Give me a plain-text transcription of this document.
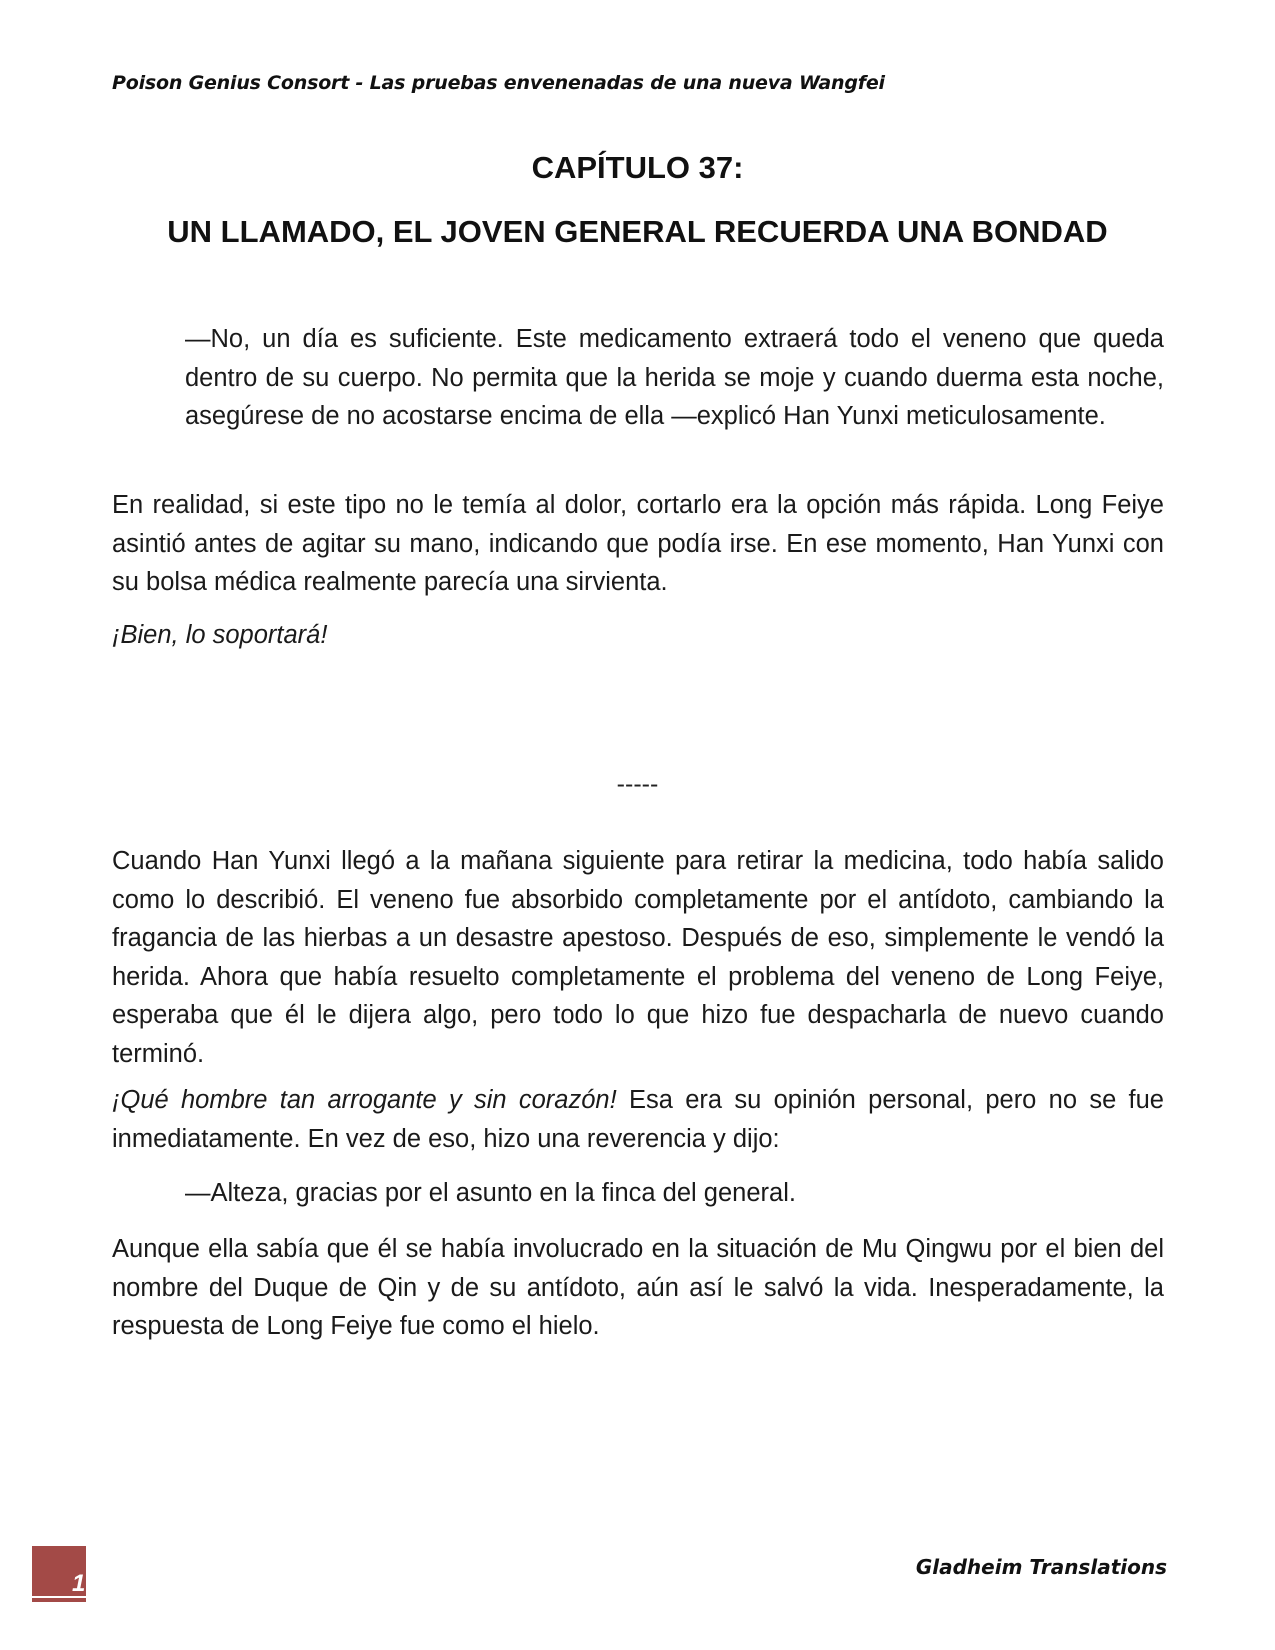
Poison Genius Consort - Las pruebas envenenadas de una nueva Wangfei
CAPÍTULO 37:
UN LLAMADO, EL JOVEN GENERAL RECUERDA UNA BONDAD

—No, un día es suficiente. Este medicamento extraerá todo el veneno que queda dentro de su cuerpo. No permita que la herida se moje y cuando duerma esta noche, asegúrese de no acostarse encima de ella —explicó Han Yunxi meticulosamente.

En realidad, si este tipo no le temía al dolor, cortarlo era la opción más rápida. Long Feiye asintió antes de agitar su mano, indicando que podía irse. En ese momento, Han Yunxi con su bolsa médica realmente parecía una sirvienta.

¡Bien, lo soportará!

-----

Cuando Han Yunxi llegó a la mañana siguiente para retirar la medicina, todo había salido como lo describió. El veneno fue absorbido completamente por el antídoto, cambiando la fragancia de las hierbas a un desastre apestoso. Después de eso, simplemente le vendó la herida. Ahora que había resuelto completamente el problema del veneno de Long Feiye, esperaba que él le dijera algo, pero todo lo que hizo fue despacharla de nuevo cuando terminó.

¡Qué hombre tan arrogante y sin corazón! Esa era su opinión personal, pero no se fue inmediatamente. En vez de eso, hizo una reverencia y dijo:

—Alteza, gracias por el asunto en la finca del general.

Aunque ella sabía que él se había involucrado en la situación de Mu Qingwu por el bien del nombre del Duque de Qin y de su antídoto, aún así le salvó la vida. Inesperadamente, la respuesta de Long Feiye fue como el hielo.

1
Gladheim Translations
